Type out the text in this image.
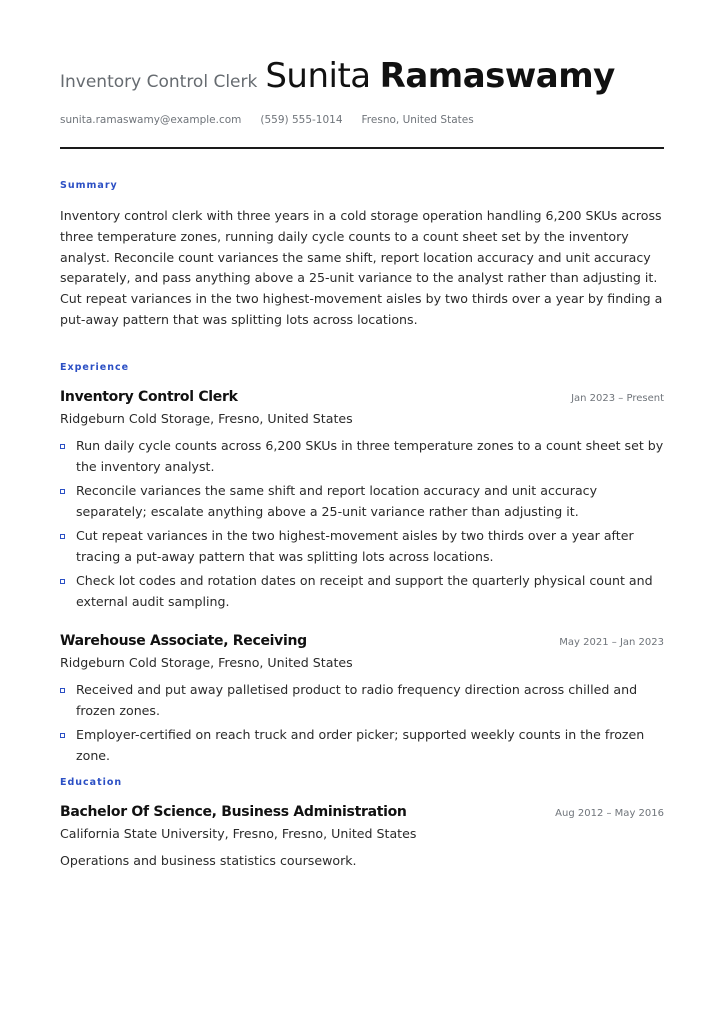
Inventory Control Clerk Sunita Ramaswamy
sunita.ramaswamy@example.com (559) 555-1014 Fresno, United States
Summary

Inventory control clerk with three years in a cold storage operation handling 6,200 SKUs across three temperature zones, running daily cycle counts to a count sheet set by the inventory analyst. Reconcile count variances the same shift, report location accuracy and unit accuracy separately, and pass anything above a 25-unit variance to the analyst rather than adjusting it. Cut repeat variances in the two highest-movement aisles by two thirds over a year by finding a put-away pattern that was splitting lots across locations.

Experience
Inventory Control Clerk	Jan 2023 – Present
Ridgeburn Cold Storage, Fresno, United States
Run daily cycle counts across 6,200 SKUs in three temperature zones to a count sheet set by the inventory analyst.
Reconcile variances the same shift and report location accuracy and unit accuracy separately; escalate anything above a 25-unit variance rather than adjusting it.
Cut repeat variances in the two highest-movement aisles by two thirds over a year after tracing a put-away pattern that was splitting lots across locations.
Check lot codes and rotation dates on receipt and support the quarterly physical count and external audit sampling.
Warehouse Associate, Receiving	May 2021 – Jan 2023
Ridgeburn Cold Storage, Fresno, United States
Received and put away palletised product to radio frequency direction across chilled and frozen zones.
Employer-certified on reach truck and order picker; supported weekly counts in the frozen zone.
Education
Bachelor Of Science, Business Administration	Aug 2012 – May 2016
California State University, Fresno, Fresno, United States
Operations and business statistics coursework.
